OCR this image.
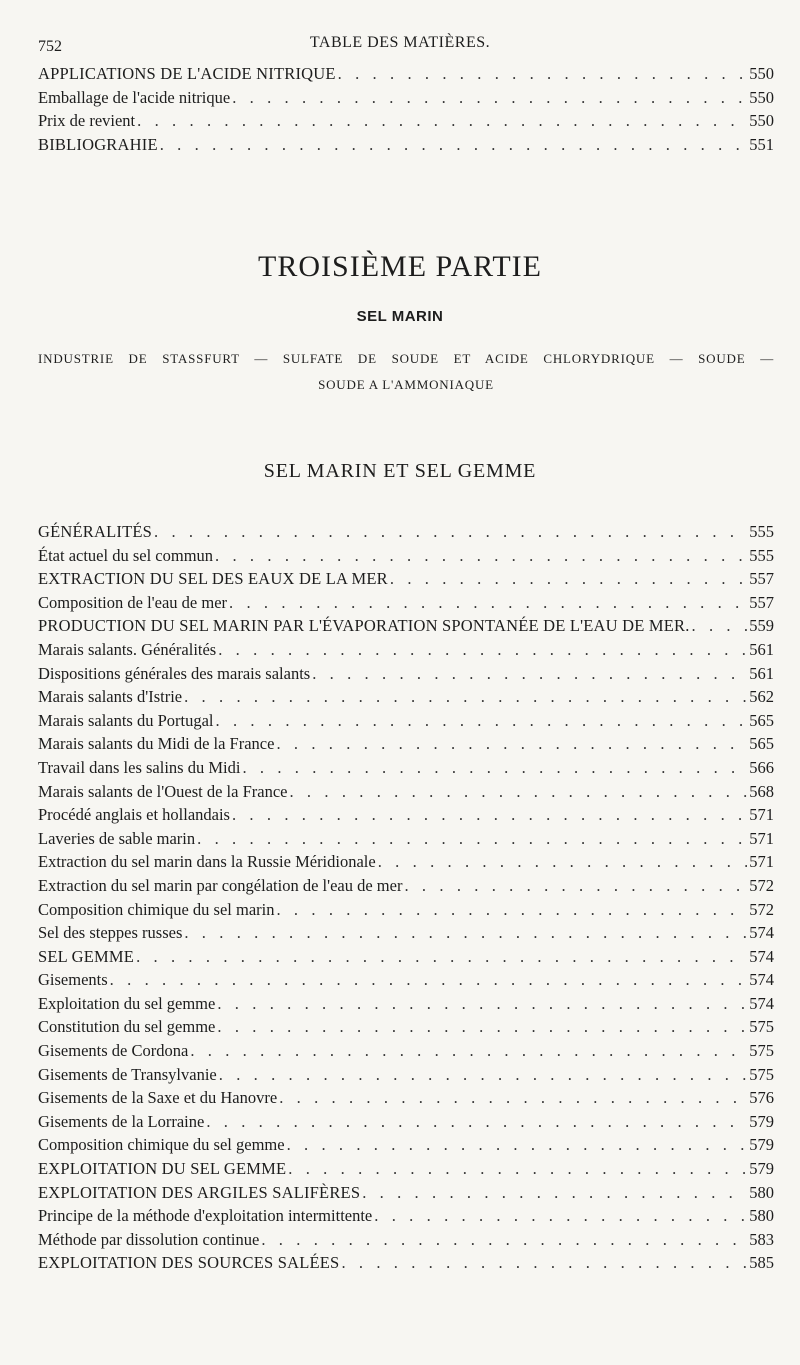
752	TABLE DES MATIÈRES.
APPLICATIONS DE L'ACIDE NITRIQUE . . .	550
Emballage de l'acide nitrique . . .	550
Prix de revient . . .	550
BIBLIOGRAHIE . . .	551
TROISIÈME PARTIE
SEL MARIN
INDUSTRIE DE STASSFURT — SULFATE DE SOUDE ET ACIDE CHLORYDRIQUE — SOUDE —
SOUDE A L'AMMONIAQUE
SEL MARIN ET SEL GEMME
GÉNÉRALITÉS . . .	555
État actuel du sel commun . . .	555
EXTRACTION DU SEL DES EAUX DE LA MER . . .	557
Composition de l'eau de mer . . .	557
PRODUCTION DU SEL MARIN PAR L'ÉVAPORATION SPONTANÉE DE L'EAU DE MER. . . .	559
Marais salants. Généralités . . .	561
Dispositions générales des marais salants . . .	561
Marais salants d'Istrie . . .	562
Marais salants du Portugal . . .	565
Marais salants du Midi de la France . . .	565
Travail dans les salins du Midi . . .	566
Marais salants de l'Ouest de la France . . .	568
Procédé anglais et hollandais . . .	571
Laveries de sable marin . . .	571
Extraction du sel marin dans la Russie Méridionale . . .	571
Extraction du sel marin par congélation de l'eau de mer . . .	572
Composition chimique du sel marin . . .	572
Sel des steppes russes . . .	574
SEL GEMME . . .	574
Gisements . . .	574
Exploitation du sel gemme . . .	574
Constitution du sel gemme . . .	575
Gisements de Cordona . . .	575
Gisements de Transylvanie . . .	575
Gisements de la Saxe et du Hanovre . . .	576
Gisements de la Lorraine . . .	579
Composition chimique du sel gemme . . .	579
EXPLOITATION DU SEL GEMME . . .	579
EXPLOITATION DES ARGILES SALIFÈRES . . .	580
Principe de la méthode d'exploitation intermittente . . .	580
Méthode par dissolution continue . . .	583
EXPLOITATION DES SOURCES SALÉES . . .	585
